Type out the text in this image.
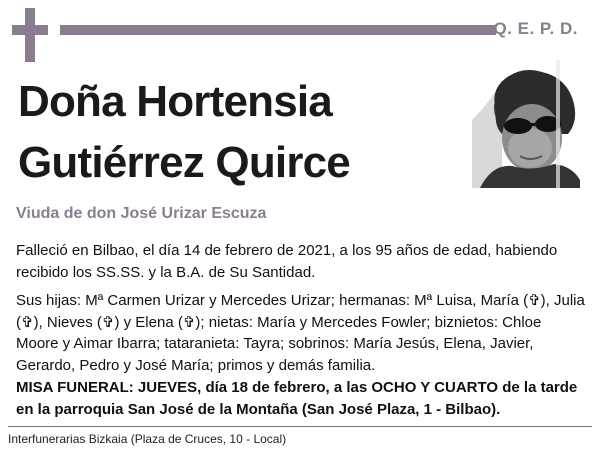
Q. E. P. D.
Doña Hortensia
Gutiérrez Quirce
Viuda de don José Urizar Escuza

Falleció en Bilbao, el día 14 de febrero de 2021, a los 95 años de edad, habiendo recibido los SS.SS. y la B.A. de Su Santidad.

Sus hijas: Mª Carmen Urizar y Mercedes Urizar; hermanas: Mª Luisa, María (✞), Julia (✞), Nieves (✞) y Elena (✞); nietas: María y Mercedes Fowler; biznietos: Chloe Moore y Aimar Ibarra; tataranieta: Tayra; sobrinos: María Jesús, Elena, Javier, Gerardo, Pedro y José María; primos y demás familia.

MISA FUNERAL: JUEVES, día 18 de febrero, a las OCHO Y CUARTO de la tarde en la parroquia San José de la Montaña (San José Plaza, 1 - Bilbao).

Interfunerarias Bizkaia (Plaza de Cruces, 10 - Local)
